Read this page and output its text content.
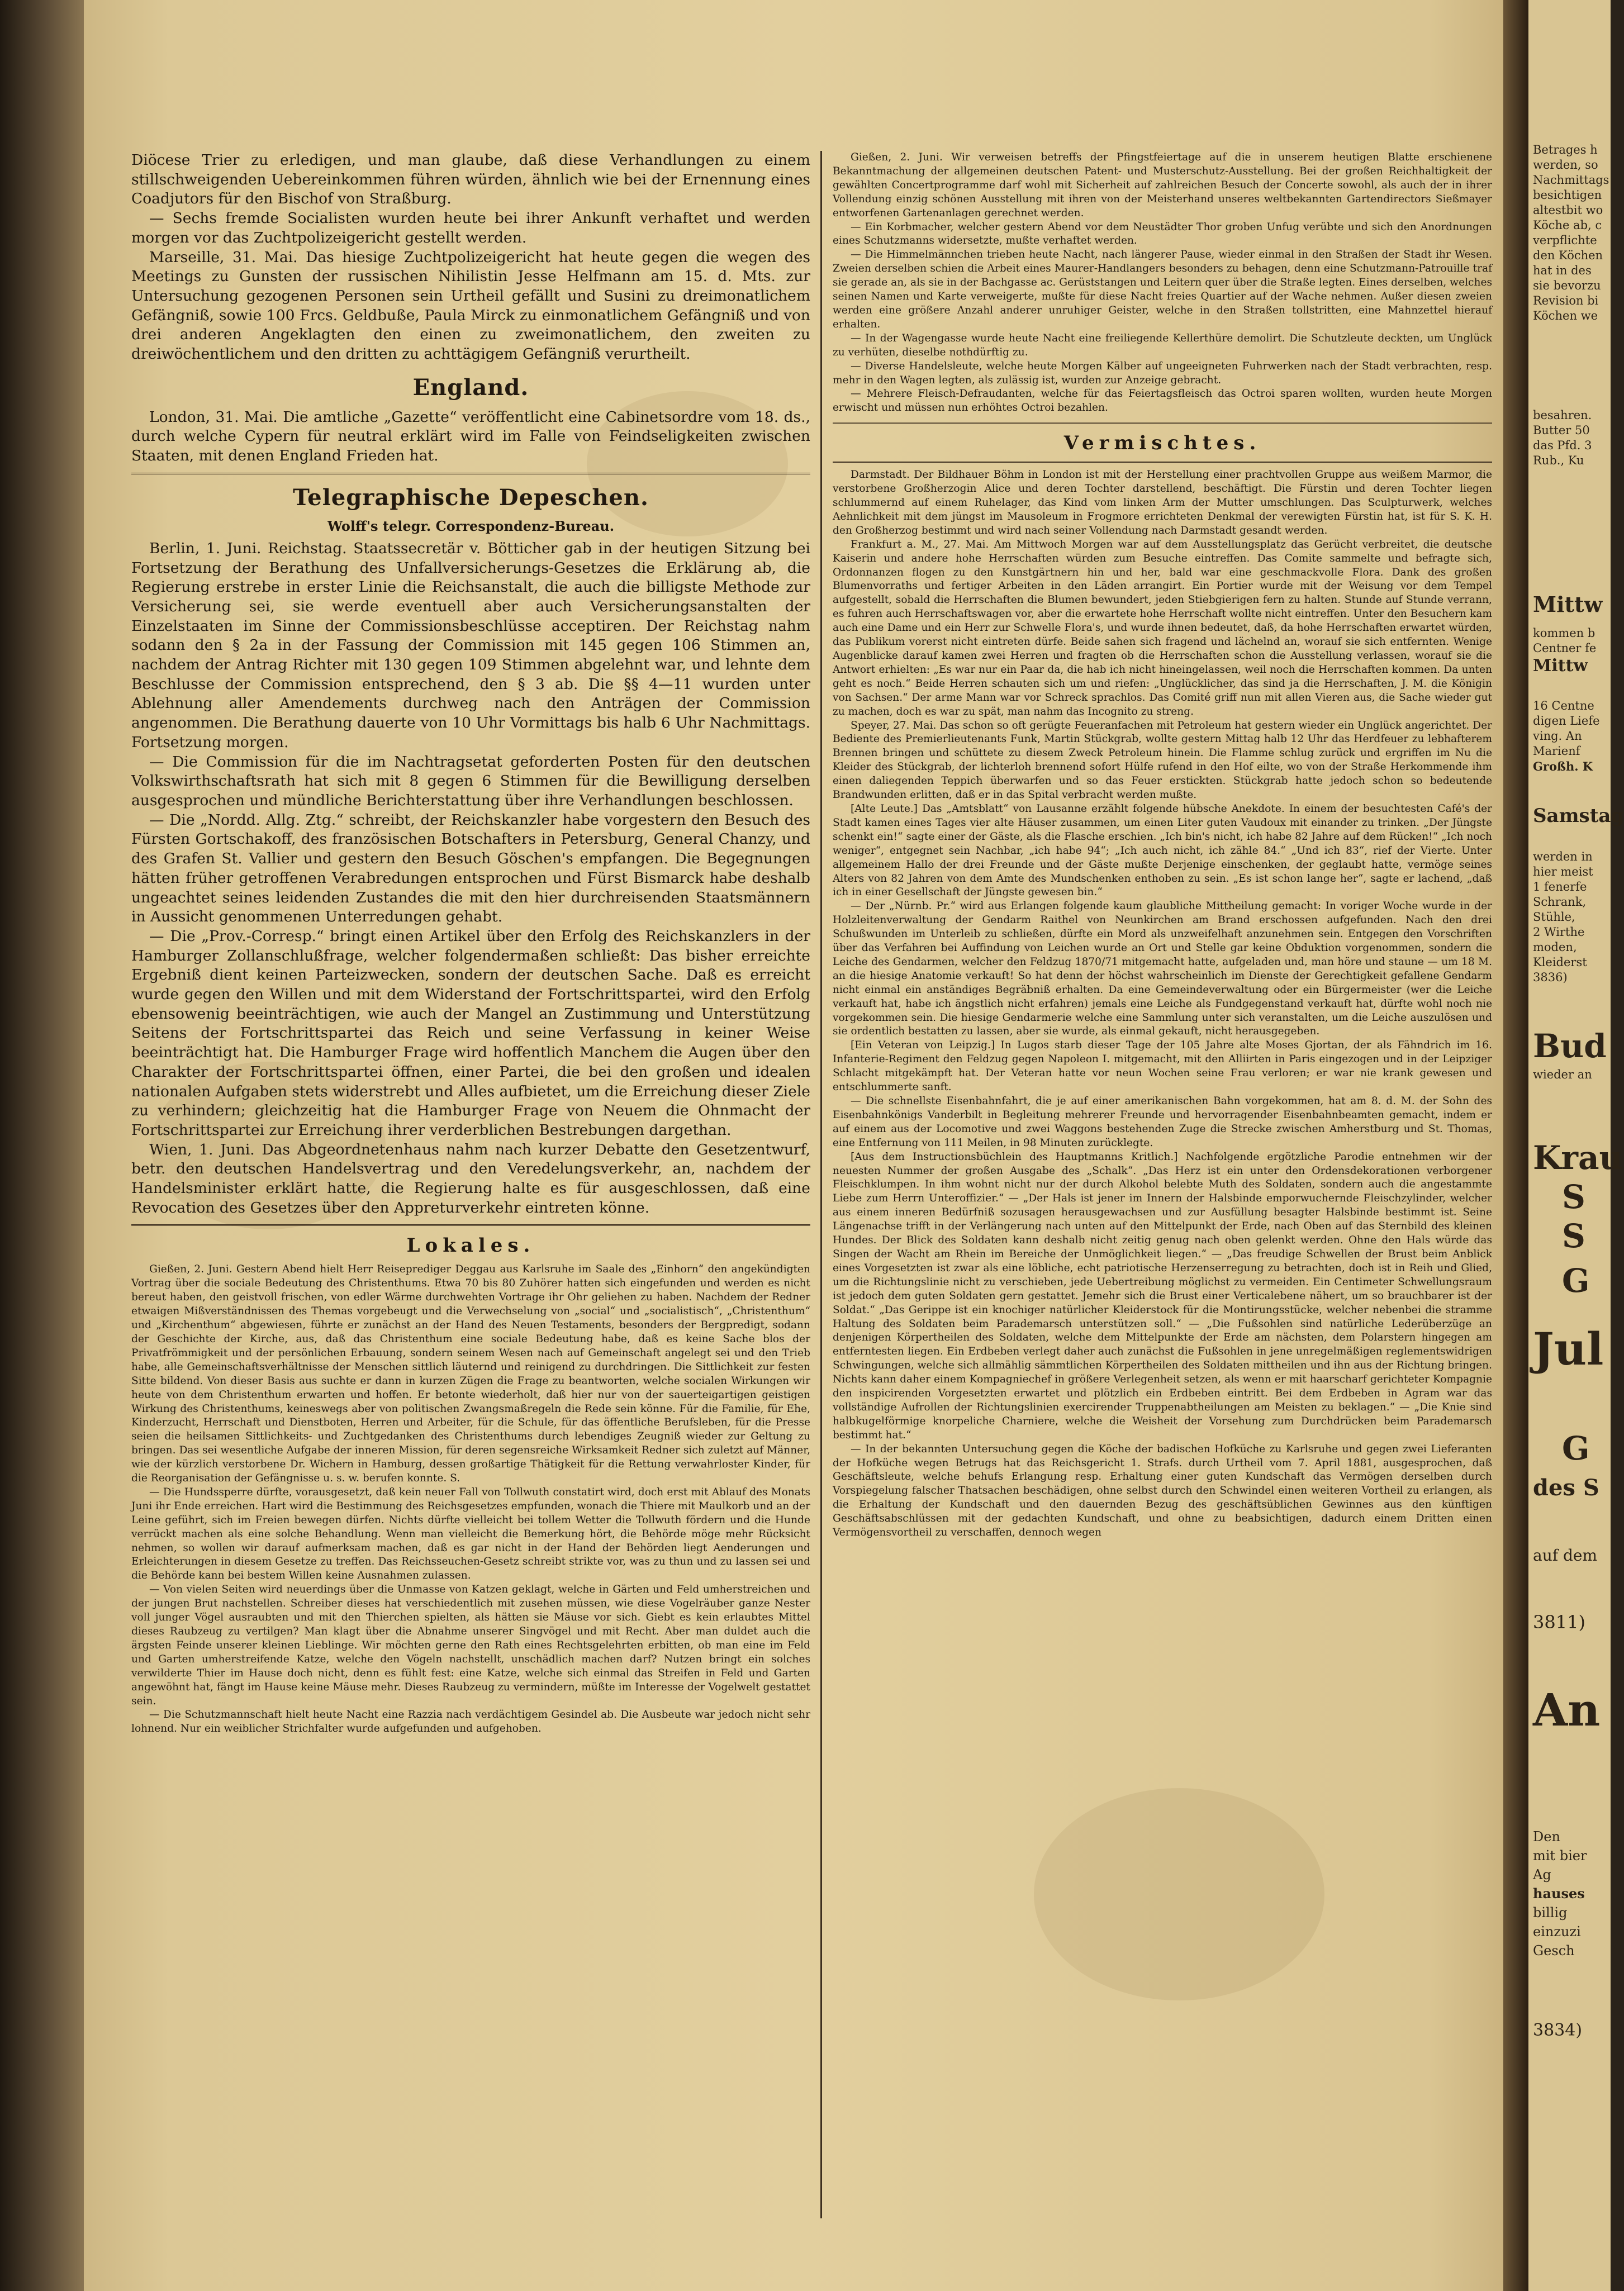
Diöcese Trier zu erledigen, und man glaube, daß diese Verhandlungen zu einem stillschweigenden Uebereinkommen führen würden, ähnlich wie bei der Ernennung eines Coadjutors für den Bischof von Straßburg.

— Sechs fremde Socialisten wurden heute bei ihrer Ankunft verhaftet und werden morgen vor das Zuchtpolizeigericht gestellt werden.

Marseille, 31. Mai. Das hiesige Zuchtpolizeigericht hat heute gegen die wegen des Meetings zu Gunsten der russischen Nihilistin Jesse Helfmann am 15. d. Mts. zur Untersuchung gezogenen Personen sein Urtheil gefällt und Susini zu dreimonatlichem Gefängniß, sowie 100 Frcs. Geldbuße, Paula Mirck zu einmonatlichem Gefängniß und von drei anderen Angeklagten den einen zu zweimonatlichem, den zweiten zu dreiwöchentlichem und den dritten zu achttägigem Gefängniß verurtheilt.

England.

London, 31. Mai. Die amtliche „Gazette“ veröffentlicht eine Cabinetsordre vom 18. ds., durch welche Cypern für neutral erklärt wird im Falle von Feindseligkeiten zwischen Staaten, mit denen England Frieden hat.

Telegraphische Depeschen.
Wolff's telegr. Correspondenz-Bureau.

Berlin, 1. Juni. Reichstag. Staatssecretär v. Bötticher gab in der heutigen Sitzung bei Fortsetzung der Berathung des Unfallversicherungs-Gesetzes die Erklärung ab, die Regierung erstrebe in erster Linie die Reichsanstalt, die auch die billigste Methode zur Versicherung sei, sie werde eventuell aber auch Versicherungsanstalten der Einzelstaaten im Sinne der Commissionsbeschlüsse acceptiren. Der Reichstag nahm sodann den § 2a in der Fassung der Commission mit 145 gegen 106 Stimmen an, nachdem der Antrag Richter mit 130 gegen 109 Stimmen abgelehnt war, und lehnte dem Beschlusse der Commission entsprechend, den § 3 ab. Die §§ 4—11 wurden unter Ablehnung aller Amendements durchweg nach den Anträgen der Commission angenommen. Die Berathung dauerte von 10 Uhr Vormittags bis halb 6 Uhr Nachmittags. Fortsetzung morgen.

— Die Commission für die im Nachtragsetat geforderten Posten für den deutschen Volkswirthschaftsrath hat sich mit 8 gegen 6 Stimmen für die Bewilligung derselben ausgesprochen und mündliche Berichterstattung über ihre Verhandlungen beschlossen.

— Die „Nordd. Allg. Ztg.“ schreibt, der Reichskanzler habe vorgestern den Besuch des Fürsten Gortschakoff, des französischen Botschafters in Petersburg, General Chanzy, und des Grafen St. Vallier und gestern den Besuch Göschen's empfangen. Die Begegnungen hätten früher getroffenen Verabredungen entsprochen und Fürst Bismarck habe deshalb ungeachtet seines leidenden Zustandes die mit den hier durchreisenden Staatsmännern in Aussicht genommenen Unterredungen gehabt.

— Die „Prov.-Corresp.“ bringt einen Artikel über den Erfolg des Reichskanzlers in der Hamburger Zollanschlußfrage, welcher folgendermaßen schließt: Das bisher erreichte Ergebniß dient keinen Parteizwecken, sondern der deutschen Sache. Daß es erreicht wurde gegen den Willen und mit dem Widerstand der Fortschrittspartei, wird den Erfolg ebensowenig beeinträchtigen, wie auch der Mangel an Zustimmung und Unterstützung Seitens der Fortschrittspartei das Reich und seine Verfassung in keiner Weise beeinträchtigt hat. Die Hamburger Frage wird hoffentlich Manchem die Augen über den Charakter der Fortschrittspartei öffnen, einer Partei, die bei den großen und idealen nationalen Aufgaben stets widerstrebt und Alles aufbietet, um die Erreichung dieser Ziele zu verhindern; gleichzeitig hat die Hamburger Frage von Neuem die Ohnmacht der Fortschrittspartei zur Erreichung ihrer verderblichen Bestrebungen dargethan.

Wien, 1. Juni. Das Abgeordnetenhaus nahm nach kurzer Debatte den Gesetzentwurf, betr. den deutschen Handelsvertrag und den Veredelungsverkehr, an, nachdem der Handelsminister erklärt hatte, die Regierung halte es für ausgeschlossen, daß eine Revocation des Gesetzes über den Appreturverkehr eintreten könne.

Lokales.

Gießen, 2. Juni. Gestern Abend hielt Herr Reiseprediger Deggau aus Karlsruhe im Saale des „Einhorn“ den angekündigten Vortrag über die sociale Bedeutung des Christenthums. Etwa 70 bis 80 Zuhörer hatten sich eingefunden und werden es nicht bereut haben, den geistvoll frischen, von edler Wärme durchwehten Vortrage ihr Ohr geliehen zu haben. Nachdem der Redner etwaigen Mißverständnissen des Themas vorgebeugt und die Verwechselung von „social“ und „socialistisch“, „Christenthum“ und „Kirchenthum“ abgewiesen, führte er zunächst an der Hand des Neuen Testaments, besonders der Bergpredigt, sodann der Geschichte der Kirche, aus, daß das Christenthum eine sociale Bedeutung habe, daß es keine Sache blos der Privatfrömmigkeit und der persönlichen Erbauung, sondern seinem Wesen nach auf Gemeinschaft angelegt sei und den Trieb habe, alle Gemeinschaftsverhältnisse der Menschen sittlich läuternd und reinigend zu durchdringen. Die Sittlichkeit zur festen Sitte bildend. Von dieser Basis aus suchte er dann in kurzen Zügen die Frage zu beantworten, welche socialen Wirkungen wir heute von dem Christenthum erwarten und hoffen. Er betonte wiederholt, daß hier nur von der sauerteigartigen geistigen Wirkung des Christenthums, keineswegs aber von politischen Zwangsmaßregeln die Rede sein könne. Für die Familie, für Ehe, Kinderzucht, Herrschaft und Dienstboten, Herren und Arbeiter, für die Schule, für das öffentliche Berufsleben, für die Presse seien die heilsamen Sittlichkeits- und Zuchtgedanken des Christenthums durch lebendiges Zeugniß wieder zur Geltung zu bringen. Das sei wesentliche Aufgabe der inneren Mission, für deren segensreiche Wirksamkeit Redner sich zuletzt auf Männer, wie der kürzlich verstorbene Dr. Wichern in Hamburg, dessen großartige Thätigkeit für die Rettung verwahrloster Kinder, für die Reorganisation der Gefängnisse u. s. w. berufen konnte. S.

— Die Hundssperre dürfte, vorausgesetzt, daß kein neuer Fall von Tollwuth constatirt wird, doch erst mit Ablauf des Monats Juni ihr Ende erreichen. Hart wird die Bestimmung des Reichsgesetzes empfunden, wonach die Thiere mit Maulkorb und an der Leine geführt, sich im Freien bewegen dürfen. Nichts dürfte vielleicht bei tollem Wetter die Tollwuth fördern und die Hunde verrückt machen als eine solche Behandlung. Wenn man vielleicht die Bemerkung hört, die Behörde möge mehr Rücksicht nehmen, so wollen wir darauf aufmerksam machen, daß es gar nicht in der Hand der Behörden liegt Aenderungen und Erleichterungen in diesem Gesetze zu treffen. Das Reichsseuchen-Gesetz schreibt strikte vor, was zu thun und zu lassen sei und die Behörde kann bei bestem Willen keine Ausnahmen zulassen.

— Von vielen Seiten wird neuerdings über die Unmasse von Katzen geklagt, welche in Gärten und Feld umherstreichen und der jungen Brut nachstellen. Schreiber dieses hat verschiedentlich mit zusehen müssen, wie diese Vogelräuber ganze Nester voll junger Vögel ausraubten und mit den Thierchen spielten, als hätten sie Mäuse vor sich. Giebt es kein erlaubtes Mittel dieses Raubzeug zu vertilgen? Man klagt über die Abnahme unserer Singvögel und mit Recht. Aber man duldet auch die ärgsten Feinde unserer kleinen Lieblinge. Wir möchten gerne den Rath eines Rechtsgelehrten erbitten, ob man eine im Feld und Garten umherstreifende Katze, welche den Vögeln nachstellt, unschädlich machen darf? Nutzen bringt ein solches verwilderte Thier im Hause doch nicht, denn es fühlt fest: eine Katze, welche sich einmal das Streifen in Feld und Garten angewöhnt hat, fängt im Hause keine Mäuse mehr. Dieses Raubzeug zu vermindern, müßte im Interesse der Vogelwelt gestattet sein.

— Die Schutzmannschaft hielt heute Nacht eine Razzia nach verdächtigem Gesindel ab. Die Ausbeute war jedoch nicht sehr lohnend. Nur ein weiblicher Strichfalter wurde aufgefunden und aufgehoben.

Gießen, 2. Juni. Wir verweisen betreffs der Pfingstfeiertage auf die in unserem heutigen Blatte erschienene Bekanntmachung der allgemeinen deutschen Patent- und Musterschutz-Ausstellung. Bei der großen Reichhaltigkeit der gewählten Concertprogramme darf wohl mit Sicherheit auf zahlreichen Besuch der Concerte sowohl, als auch der in ihrer Vollendung einzig schönen Ausstellung mit ihren von der Meisterhand unseres weltbekannten Gartendirectors Sießmayer entworfenen Gartenanlagen gerechnet werden.

— Ein Korbmacher, welcher gestern Abend vor dem Neustädter Thor groben Unfug verübte und sich den Anordnungen eines Schutzmanns widersetzte, mußte verhaftet werden.

— Die Himmelmännchen trieben heute Nacht, nach längerer Pause, wieder einmal in den Straßen der Stadt ihr Wesen. Zweien derselben schien die Arbeit eines Maurer-Handlangers besonders zu behagen, denn eine Schutzmann-Patrouille traf sie gerade an, als sie in der Bachgasse ac. Gerüststangen und Leitern quer über die Straße legten. Eines derselben, welches seinen Namen und Karte verweigerte, mußte für diese Nacht freies Quartier auf der Wache nehmen. Außer diesen zweien werden eine größere Anzahl anderer unruhiger Geister, welche in den Straßen tollstritten, eine Mahnzettel hierauf erhalten.

— In der Wagengasse wurde heute Nacht eine freiliegende Kellerthüre demolirt. Die Schutzleute deckten, um Unglück zu verhüten, dieselbe nothdürftig zu.

— Diverse Handelsleute, welche heute Morgen Kälber auf ungeeigneten Fuhrwerken nach der Stadt verbrachten, resp. mehr in den Wagen legten, als zulässig ist, wurden zur Anzeige gebracht.

— Mehrere Fleisch-Defraudanten, welche für das Feiertagsfleisch das Octroi sparen wollten, wurden heute Morgen erwischt und müssen nun erhöhtes Octroi bezahlen.

Vermischtes.

Darmstadt. Der Bildhauer Böhm in London ist mit der Herstellung einer prachtvollen Gruppe aus weißem Marmor, die verstorbene Großherzogin Alice und deren Tochter darstellend, beschäftigt. Die Fürstin und deren Tochter liegen schlummernd auf einem Ruhelager, das Kind vom linken Arm der Mutter umschlungen. Das Sculpturwerk, welches Aehnlichkeit mit dem jüngst im Mausoleum in Frogmore errichteten Denkmal der verewigten Fürstin hat, ist für S. K. H. den Großherzog bestimmt und wird nach seiner Vollendung nach Darmstadt gesandt werden.

Frankfurt a. M., 27. Mai. Am Mittwoch Morgen war auf dem Ausstellungsplatz das Gerücht verbreitet, die deutsche Kaiserin und andere hohe Herrschaften würden zum Besuche eintreffen. Das Comite sammelte und befragte sich, Ordonnanzen flogen zu den Kunstgärtnern hin und her, bald war eine geschmackvolle Flora. Dank des großen Blumenvorraths und fertiger Arbeiten in den Läden arrangirt. Ein Portier wurde mit der Weisung vor dem Tempel aufgestellt, sobald die Herrschaften die Blumen bewundert, jeden Stiebgierigen fern zu halten. Stunde auf Stunde verrann, es fuhren auch Herrschaftswagen vor, aber die erwartete hohe Herrschaft wollte nicht eintreffen. Unter den Besuchern kam auch eine Dame und ein Herr zur Schwelle Flora's, und wurde ihnen bedeutet, daß, da hohe Herrschaften erwartet würden, das Publikum vorerst nicht eintreten dürfe. Beide sahen sich fragend und lächelnd an, worauf sie sich entfernten. Wenige Augenblicke darauf kamen zwei Herren und fragten ob die Herrschaften schon die Ausstellung verlassen, worauf sie die Antwort erhielten: „Es war nur ein Paar da, die hab ich nicht hineingelassen, weil noch die Herrschaften kommen. Da unten geht es noch.“ Beide Herren schauten sich um und riefen: „Unglücklicher, das sind ja die Herrschaften, J. M. die Königin von Sachsen.“ Der arme Mann war vor Schreck sprachlos. Das Comité griff nun mit allen Vieren aus, die Sache wieder gut zu machen, doch es war zu spät, man nahm das Incognito zu streng.

Speyer, 27. Mai. Das schon so oft gerügte Feueranfachen mit Petroleum hat gestern wieder ein Unglück angerichtet. Der Bediente des Premierlieutenants Funk, Martin Stückgrab, wollte gestern Mittag halb 12 Uhr das Herdfeuer zu lebhafterem Brennen bringen und schüttete zu diesem Zweck Petroleum hinein. Die Flamme schlug zurück und ergriffen im Nu die Kleider des Stückgrab, der lichterloh brennend sofort Hülfe rufend in den Hof eilte, wo von der Straße Herkommende ihm einen daliegenden Teppich überwarfen und so das Feuer erstickten. Stückgrab hatte jedoch schon so bedeutende Brandwunden erlitten, daß er in das Spital verbracht werden mußte.

[Alte Leute.] Das „Amtsblatt“ von Lausanne erzählt folgende hübsche Anekdote. In einem der besuchtesten Café's der Stadt kamen eines Tages vier alte Häuser zusammen, um einen Liter guten Vaudoux mit einander zu trinken. „Der Jüngste schenkt ein!“ sagte einer der Gäste, als die Flasche erschien. „Ich bin's nicht, ich habe 82 Jahre auf dem Rücken!“ „Ich noch weniger“, entgegnet sein Nachbar, „ich habe 94“; „Ich auch nicht, ich zähle 84.“ „Und ich 83“, rief der Vierte. Unter allgemeinem Hallo der drei Freunde und der Gäste mußte Derjenige einschenken, der geglaubt hatte, vermöge seines Alters von 82 Jahren von dem Amte des Mundschenken enthoben zu sein. „Es ist schon lange her“, sagte er lachend, „daß ich in einer Gesellschaft der Jüngste gewesen bin.“

— Der „Nürnb. Pr.“ wird aus Erlangen folgende kaum glaubliche Mittheilung gemacht: In voriger Woche wurde in der Holzleitenverwaltung der Gendarm Raithel von Neunkirchen am Brand erschossen aufgefunden. Nach den drei Schußwunden im Unterleib zu schließen, dürfte ein Mord als unzweifelhaft anzunehmen sein. Entgegen den Vorschriften über das Verfahren bei Auffindung von Leichen wurde an Ort und Stelle gar keine Obduktion vorgenommen, sondern die Leiche des Gendarmen, welcher den Feldzug 1870/71 mitgemacht hatte, aufgeladen und, man höre und staune — um 18 M. an die hiesige Anatomie verkauft! So hat denn der höchst wahrscheinlich im Dienste der Gerechtigkeit gefallene Gendarm nicht einmal ein anständiges Begräbniß erhalten. Da eine Gemeindeverwaltung oder ein Bürgermeister (wer die Leiche verkauft hat, habe ich ängstlich nicht erfahren) jemals eine Leiche als Fundgegenstand verkauft hat, dürfte wohl noch nie vorgekommen sein. Die hiesige Gendarmerie welche eine Sammlung unter sich veranstalten, um die Leiche auszulösen und sie ordentlich bestatten zu lassen, aber sie wurde, als einmal gekauft, nicht herausgegeben.

[Ein Veteran von Leipzig.] In Lugos starb dieser Tage der 105 Jahre alte Moses Gjortan, der als Fähndrich im 16. Infanterie-Regiment den Feldzug gegen Napoleon I. mitgemacht, mit den Alliirten in Paris eingezogen und in der Leipziger Schlacht mitgekämpft hat. Der Veteran hatte vor neun Wochen seine Frau verloren; er war nie krank gewesen und entschlummerte sanft.

— Die schnellste Eisenbahnfahrt, die je auf einer amerikanischen Bahn vorgekommen, hat am 8. d. M. der Sohn des Eisenbahnkönigs Vanderbilt in Begleitung mehrerer Freunde und hervorragender Eisenbahnbeamten gemacht, indem er auf einem aus der Locomotive und zwei Waggons bestehenden Zuge die Strecke zwischen Amherstburg und St. Thomas, eine Entfernung von 111 Meilen, in 98 Minuten zurücklegte.

[Aus dem Instructionsbüchlein des Hauptmanns Kritlich.] Nachfolgende ergötzliche Parodie entnehmen wir der neuesten Nummer der großen Ausgabe des „Schalk“. „Das Herz ist ein unter den Ordensdekorationen verborgener Fleischklumpen. In ihm wohnt nicht nur der durch Alkohol belebte Muth des Soldaten, sondern auch die angestammte Liebe zum Herrn Unteroffizier.“ — „Der Hals ist jener im Innern der Halsbinde emporwuchernde Fleischzylinder, welcher aus einem inneren Bedürfniß sozusagen herausgewachsen und zur Ausfüllung besagter Halsbinde bestimmt ist. Seine Längenachse trifft in der Verlängerung nach unten auf den Mittelpunkt der Erde, nach Oben auf das Sternbild des kleinen Hundes. Der Blick des Soldaten kann deshalb nicht zeitig genug nach oben gelenkt werden. Ohne den Hals würde das Singen der Wacht am Rhein im Bereiche der Unmöglichkeit liegen.“ — „Das freudige Schwellen der Brust beim Anblick eines Vorgesetzten ist zwar als eine löbliche, echt patriotische Herzenserregung zu betrachten, doch ist in Reih und Glied, um die Richtungslinie nicht zu verschieben, jede Uebertreibung möglichst zu vermeiden. Ein Centimeter Schwellungsraum ist jedoch dem guten Soldaten gern gestattet. Jemehr sich die Brust einer Verticalebene nähert, um so brauchbarer ist der Soldat.“ „Das Gerippe ist ein knochiger natürlicher Kleiderstock für die Montirungsstücke, welcher nebenbei die stramme Haltung des Soldaten beim Parademarsch unterstützen soll.“ — „Die Fußsohlen sind natürliche Lederüberzüge an denjenigen Körpertheilen des Soldaten, welche dem Mittelpunkte der Erde am nächsten, dem Polarstern hingegen am entferntesten liegen. Ein Erdbeben verlegt daher auch zunächst die Fußsohlen in jene unregelmäßigen reglementswidrigen Schwingungen, welche sich allmählig sämmtlichen Körpertheilen des Soldaten mittheilen und ihn aus der Richtung bringen. Nichts kann daher einem Kompagniechef in größere Verlegenheit setzen, als wenn er mit haarscharf gerichteter Kompagnie den inspicirenden Vorgesetzten erwartet und plötzlich ein Erdbeben eintritt. Bei dem Erdbeben in Agram war das vollständige Aufrollen der Richtungslinien exercirender Truppenabtheilungen am Meisten zu beklagen.“ — „Die Knie sind halbkugelförmige knorpeliche Charniere, welche die Weisheit der Vorsehung zum Durchdrücken beim Parademarsch bestimmt hat.“

— In der bekannten Untersuchung gegen die Köche der badischen Hofküche zu Karlsruhe und gegen zwei Lieferanten der Hofküche wegen Betrugs hat das Reichsgericht 1. Strafs. durch Urtheil vom 7. April 1881, ausgesprochen, daß Geschäftsleute, welche behufs Erlangung resp. Erhaltung einer guten Kundschaft das Vermögen derselben durch Vorspiegelung falscher Thatsachen beschädigen, ohne selbst durch den Schwindel einen weiteren Vortheil zu erlangen, als die Erhaltung der Kundschaft und den dauernden Bezug des geschäftsüblichen Gewinnes aus den künftigen Geschäftsabschlüssen mit der gedachten Kundschaft, und ohne zu beabsichtigen, dadurch einem Dritten einen Vermögensvortheil zu verschaffen, dennoch wegen

Betrages h
werden, so
Nachmittags
besichtigen
altestbit wo
Köche ab, c
verpflichte
den Köchen
hat in des
sie bevorzu
Revision bi
Köchen we
besahren.
Butter 50
das Pfd. 3
Rub., Ku
Mittw
kommen b
Centner fe
Mittw
16 Centne
digen Liefe
ving. An
Marienf
Großh. K
Samstag
werden in
hier meist
1 fenerfe
Schrank,
Stühle,
2 Wirthe
moden,
Kleiderst
3836)
Bud
wieder an
Krau
S
S
G
Jul
G
des S
auf dem
3811)
An
Den
mit bier
Ag
hauses
billig
einzuzi
Gesch
3834)
